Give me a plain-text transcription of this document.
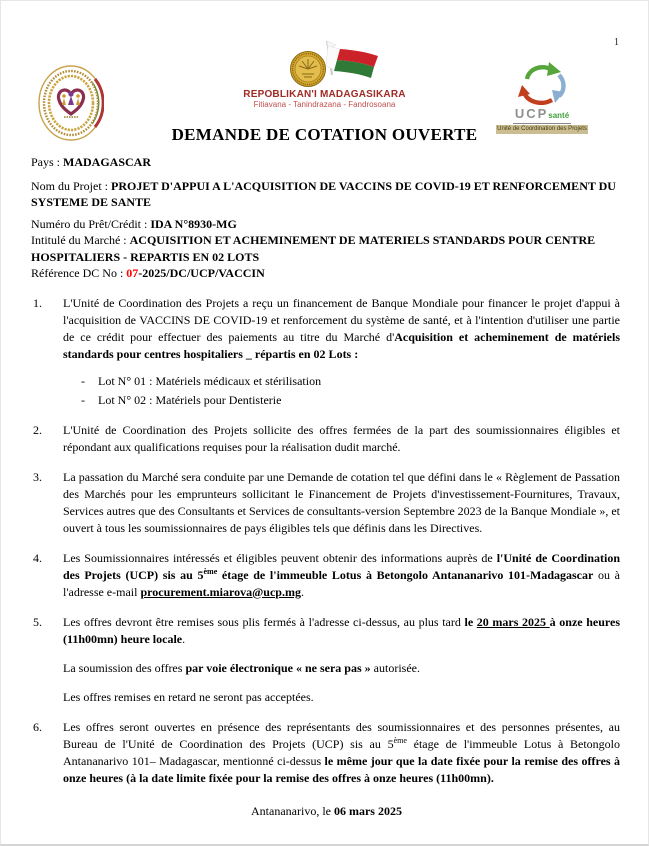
1
REPOBLIKAN'I MADAGASIKARA
Fitiavana - Tanindrazana - Fandrosoana
UCPsanté
Unité de Coordination des Projets
DEMANDE DE COTATION OUVERTE

Pays : MADAGASCAR

Nom du Projet : PROJET D'APPUI A L'ACQUISITION DE VACCINS DE COVID-19 ET RENFORCEMENT DU SYSTEME DE SANTE

Numéro du Prêt/Crédit : IDA N°8930-MG

Intitulé du Marché : ACQUISITION ET ACHEMINEMENT DE MATERIELS STANDARDS POUR CENTRE HOSPITALIERS - REPARTIS EN 02 LOTS

Référence DC No : 07-2025/DC/UCP/VACCIN

1.	L'Unité de Coordination des Projets a reçu un financement de Banque Mondiale pour financer le projet d'appui à l'acquisition de VACCINS DE COVID-19 et renforcement du système de santé, et à l'intention d'utiliser une partie de ce crédit pour effectuer des paiements au titre du Marché d'Acquisition et acheminement de matériels standards pour centres hospitaliers _ répartis en 02 Lots :
-	Lot N° 01 : Matériels médicaux et stérilisation
-	Lot N° 02 : Matériels pour Dentisterie
2.	L'Unité de Coordination des Projets sollicite des offres fermées de la part des soumissionnaires éligibles et répondant aux qualifications requises pour la réalisation dudit marché.
3.	La passation du Marché sera conduite par une Demande de cotation tel que défini dans le « Règlement de Passation des Marchés pour les emprunteurs sollicitant le Financement de Projets d'investissement-Fournitures, Travaux, Services autres que des Consultants et Services de consultants-version Septembre 2023 de la Banque Mondiale », et ouvert à tous les soumissionnaires de pays éligibles tels que définis dans les Directives.
4.	Les Soumissionnaires intéressés et éligibles peuvent obtenir des informations auprès de l'Unité de Coordination des Projets (UCP) sis au 5ème étage de l'immeuble Lotus à Betongolo Antananarivo 101-Madagascar ou à l'adresse e-mail procurement.miarova@ucp.mg.
5.	Les offres devront être remises sous plis fermés à l'adresse ci-dessus, au plus tard le 20 mars 2025 à onze heures (11h00mn) heure locale.
La soumission des offres par voie électronique « ne sera pas » autorisée.
Les offres remises en retard ne seront pas acceptées.
6.	Les offres seront ouvertes en présence des représentants des soumissionnaires et des personnes présentes, au Bureau de l'Unité de Coordination des Projets (UCP) sis au 5ème étage de l'immeuble Lotus à Betongolo Antananarivo 101– Madagascar, mentionné ci-dessus le même jour que la date fixée pour la remise des offres à onze heures (à la date limite fixée pour la remise des offres à onze heures (11h00mn).
Antananarivo, le 06 mars 2025
